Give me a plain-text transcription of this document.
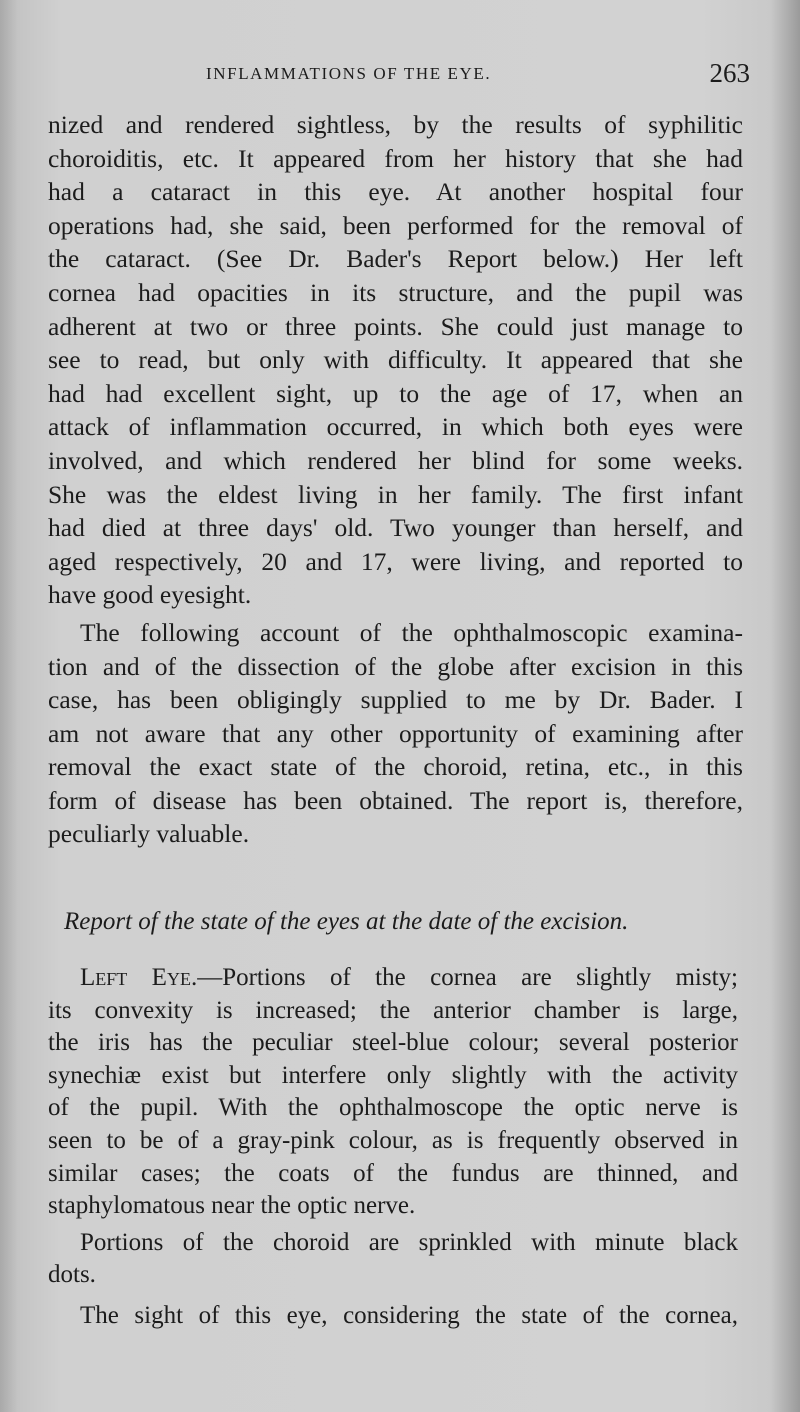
INFLAMMATIONS OF THE EYE.	263
nized and rendered sightless, by the results of syphilitic
choroiditis, etc. It appeared from her history that she had
had a cataract in this eye. At another hospital four
operations had, she said, been performed for the removal of
the cataract. (See Dr. Bader's Report below.) Her left
cornea had opacities in its structure, and the pupil was
adherent at two or three points. She could just manage to
see to read, but only with difficulty. It appeared that she
had had excellent sight, up to the age of 17, when an
attack of inflammation occurred, in which both eyes were
involved, and which rendered her blind for some weeks.
She was the eldest living in her family. The first infant
had died at three days' old. Two younger than herself, and
aged respectively, 20 and 17, were living, and reported to
have good eyesight.
The following account of the ophthalmoscopic examina-
tion and of the dissection of the globe after excision in this
case, has been obligingly supplied to me by Dr. Bader. I
am not aware that any other opportunity of examining after
removal the exact state of the choroid, retina, etc., in this
form of disease has been obtained. The report is, therefore,
peculiarly valuable.
Report of the state of the eyes at the date of the excision.
Left Eye.—Portions of the cornea are slightly misty;
its convexity is increased; the anterior chamber is large,
the iris has the peculiar steel-blue colour; several posterior
synechiæ exist but interfere only slightly with the activity
of the pupil. With the ophthalmoscope the optic nerve is
seen to be of a gray-pink colour, as is frequently observed in
similar cases; the coats of the fundus are thinned, and
staphylomatous near the optic nerve.
Portions of the choroid are sprinkled with minute black
dots.
The sight of this eye, considering the state of the cornea,
